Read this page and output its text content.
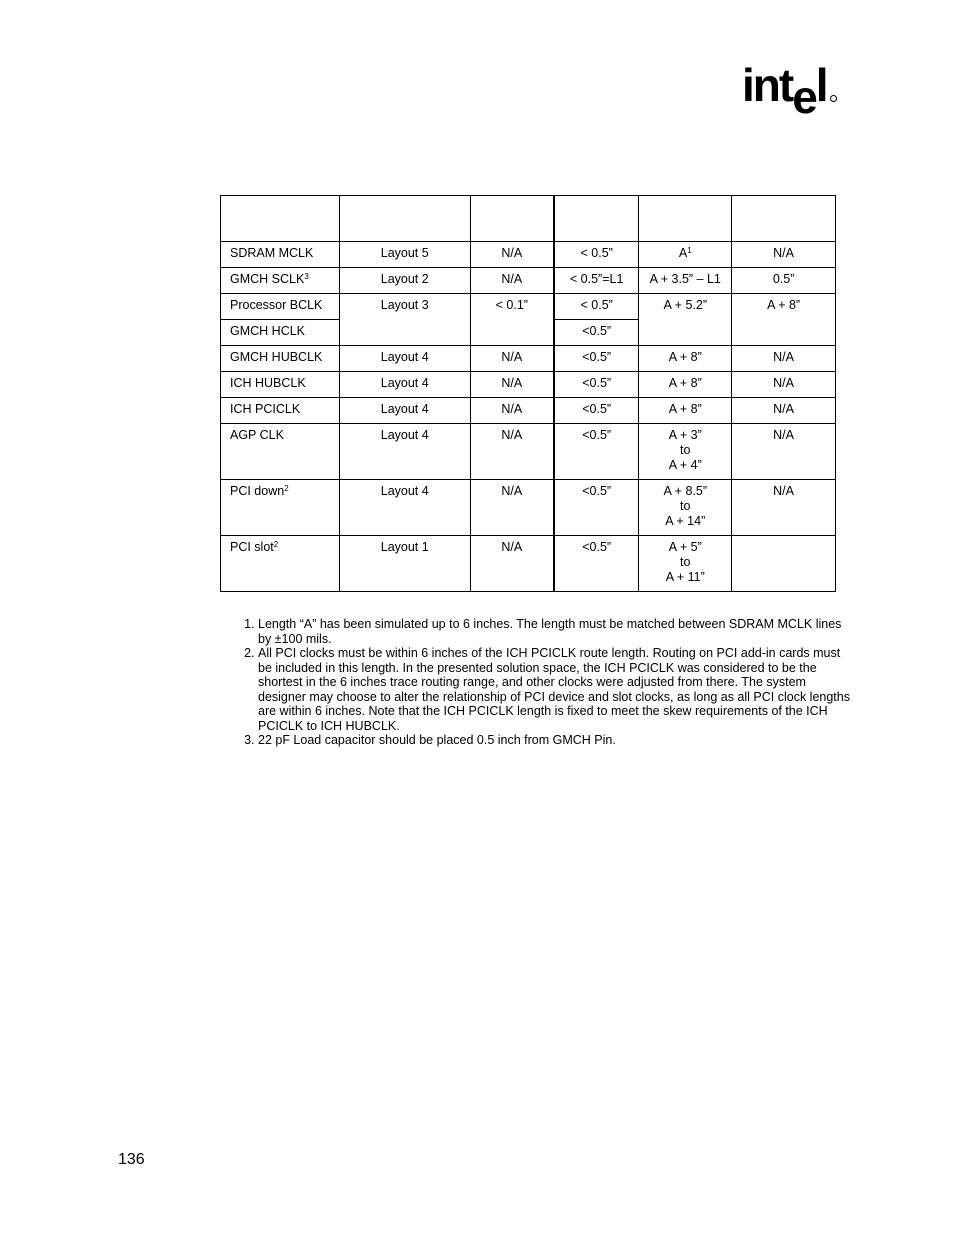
intel

SDRAM MCLK	Layout 5	N/A	< 0.5”	$A^1$	N/A
GMCH SCLK$^3$	Layout 2	N/A	< 0.5”=L1	A + 3.5” – L1	0.5”
Processor BCLK	Layout 3	< 0.1”	< 0.5”	A + 5.2”	A + 8”
GMCH HCLK			<0.5”		
GMCH HUBCLK	Layout 4	N/A	<0.5”	A + 8”	N/A
ICH HUBCLK	Layout 4	N/A	<0.5”	A + 8”	N/A
ICH PCICLK	Layout 4	N/A	<0.5”	A + 8”	N/A
AGP CLK	Layout 4	N/A	<0.5”	A + 3”
to
A + 4”	N/A
PCI down$^2$	Layout 4	N/A	<0.5”	A + 8.5”
to
A + 14”	N/A
PCI slot$^2$	Layout 1	N/A	<0.5”	A + 5”
to
A + 11”	

1. Length “A” has been simulated up to 6 inches. The length must be matched between SDRAM MCLK lines by ±100 mils.
2. All PCI clocks must be within 6 inches of the ICH PCICLK route length. Routing on PCI add-in cards must be included in this length. In the presented solution space, the ICH PCICLK was considered to be the shortest in the 6 inches trace routing range, and other clocks were adjusted from there. The system designer may choose to alter the relationship of PCI device and slot clocks, as long as all PCI clock lengths are within 6 inches. Note that the ICH PCICLK length is fixed to meet the skew requirements of the ICH PCICLK to ICH HUBCLK.
3. 22 pF Load capacitor should be placed 0.5 inch from GMCH Pin.
136
